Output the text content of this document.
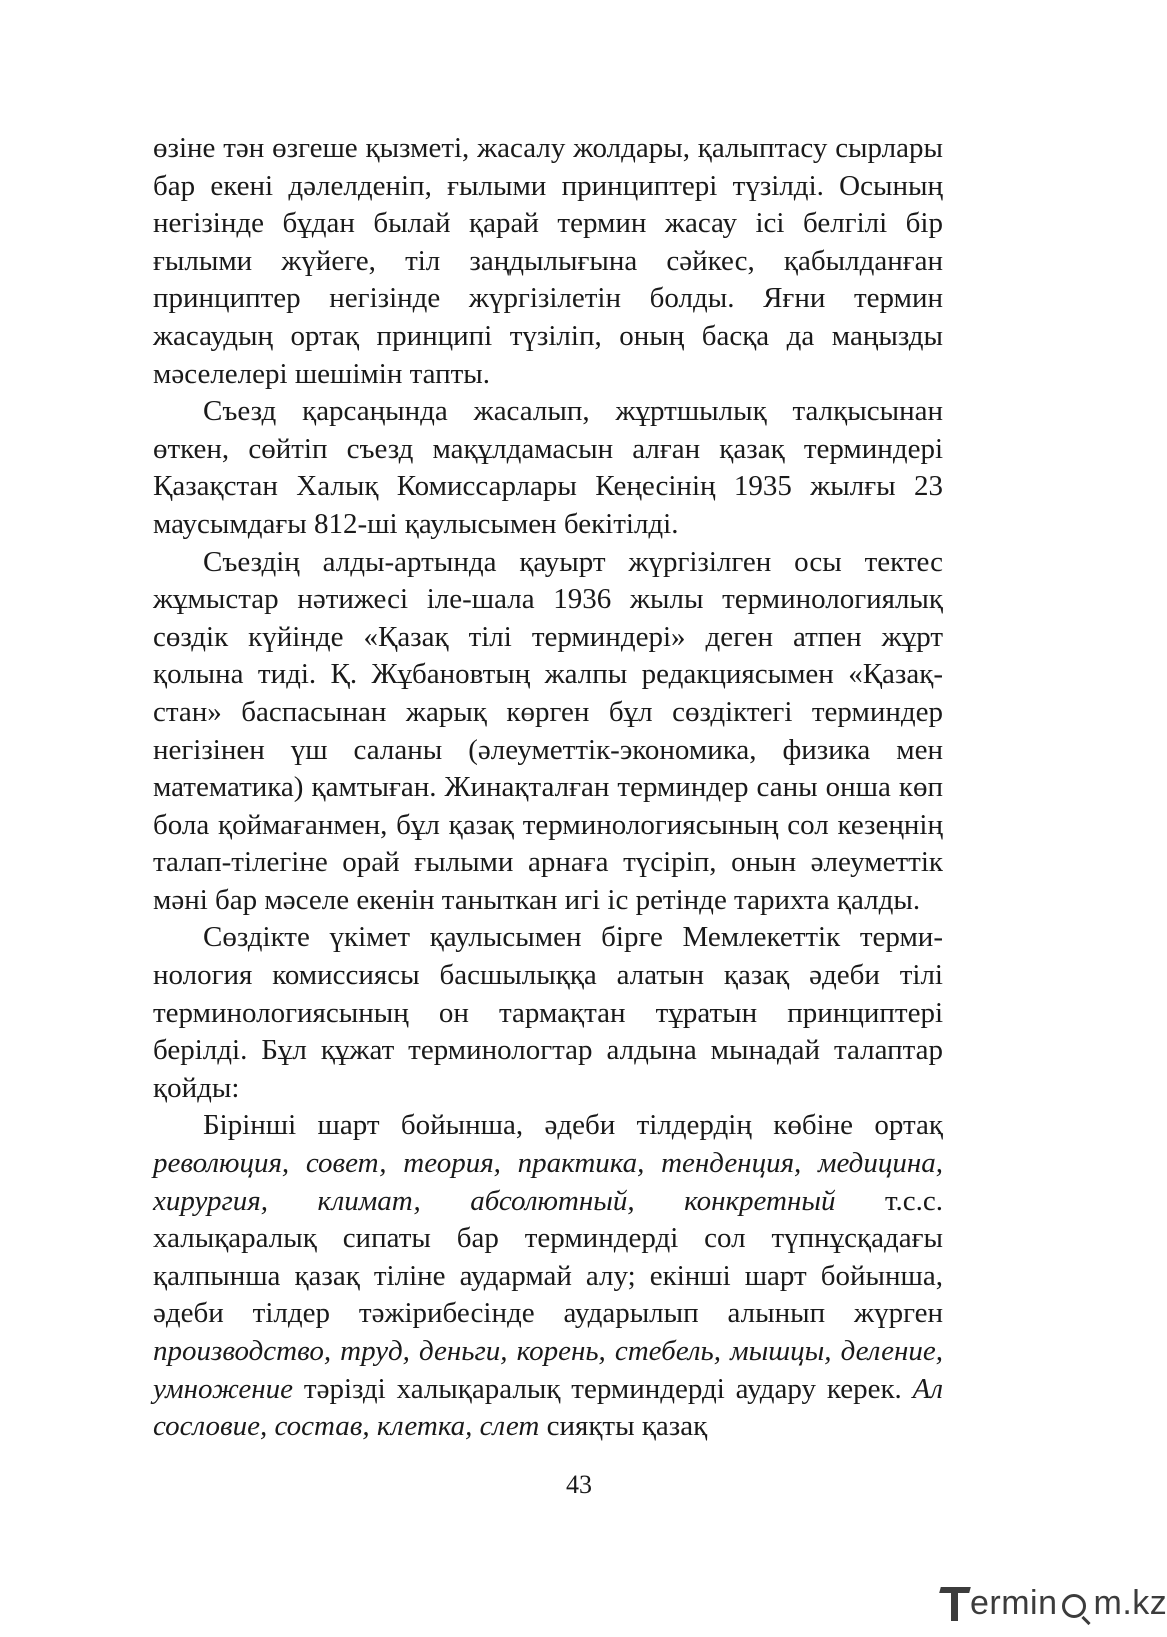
өзіне тән өзгеше қызметі, жасалу жолдары, қалыптасу сырлары бар екені дәлелденіп, ғылыми принциптері түзілді. Осының негізінде бұдан былай қарай термин жасау ісі белгілі бір ғылыми жүйеге, тіл заңдылығына сәйкес, қабылданған принциптер негізінде жүргізілетін болды. Яғни термин жасаудың ортақ принципі түзіліп, оның басқа да маңызды мәселелері шешімін тапты.

Съезд қарсаңында жасалып, жұртшылық талқысынан өткен, сөйтіп съезд мақұлдамасын алған қазақ терминдері Қазақстан Халық Комиссарлары Кеңесінің 1935 жылғы 23 маусымдағы 812-ші қаулысымен бекітілді.

Съездің алды-артында қауырт жүргізілген осы тектес жұмыстар нәтижесі іле-шала 1936 жылы терминологиялық сөздік күйінде «Қазақ тілі терминдері» деген атпен жұрт қолына тиді. Қ. Жұбановтың жалпы редакциясымен «Қазақстан» баспасынан жарық көрген бұл сөздіктегі терминдер негізінен үш саланы (әлеуметтік-экономика, физика мен математика) қамтыған. Жинақталған терминдер саны онша көп бола қоймағанмен, бұл қазақ терминологиясының сол кезеңнің талап-тілегіне орай ғылыми арнаға түсіріп, онын әлеуметтік мәні бар мәселе екенін таныткан игі іс ретінде тарихта қалды.

Сөздікте үкімет қаулысымен бірге Мемлекеттік терминология комиссиясы басшылыққа алатын қазақ әдеби тілі терминологиясының он тармақтан тұратын принциптері берілді. Бұл құжат терминологтар алдына мынадай талаптар қойды:

Бірінші шарт бойынша, әдеби тілдердің көбіне ортақ революция, совет, теория, практика, тенденция, медицина, хирургия, климат, абсолютный, конкретный т.с.с. халықаралық сипаты бар терминдерді сол түпнұсқадағы қалпынша қазақ тіліне аудармай алу; екінші шарт бойынша, әдеби тілдер тәжірибесінде аударылып алынып жүрген производство, труд, деньги, корень, стебель, мышцы, деление, умножение тәрізді халықаралық терминдерді аудару керек. Ал сословие, состав, клетка, слет сияқты қазақ

43
ermin m.kz
